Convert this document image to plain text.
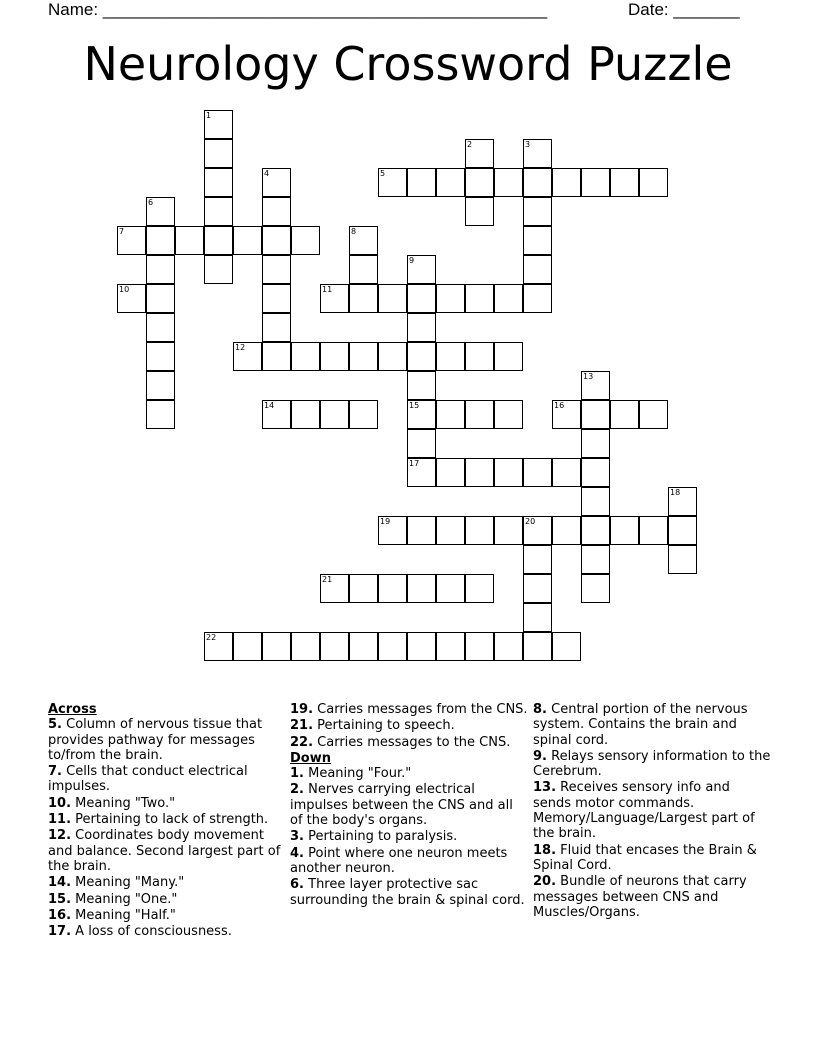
Name: _______________________________________________	Date: _______
Neurology Crossword Puzzle
1
2	3
4	5
6
7	8
9
15
17
10	11
12
13
14	16
18
19	20
21
22
Across
5. Column of nervous tissue that provides pathway for messages to/from the brain.
7. Cells that conduct electrical impulses.
10. Meaning "Two."
11. Pertaining to lack of strength.
12. Coordinates body movement and balance. Second largest part of the brain.
14. Meaning "Many."
15. Meaning "One."
16. Meaning "Half."
17. A loss of consciousness.
19. Carries messages from the CNS.
21. Pertaining to speech.
22. Carries messages to the CNS.
Down
1. Meaning "Four."
2. Nerves carrying electrical impulses between the CNS and all of the body's organs.
3. Pertaining to paralysis.
4. Point where one neuron meets another neuron.
6. Three layer protective sac surrounding the brain & spinal cord.
8. Central portion of the nervous system. Contains the brain and spinal cord.
9. Relays sensory information to the Cerebrum.
13. Receives sensory info and sends motor commands. Memory/Language/Largest part of the brain.
18. Fluid that encases the Brain & Spinal Cord.
20. Bundle of neurons that carry messages between CNS and Muscles/Organs.
